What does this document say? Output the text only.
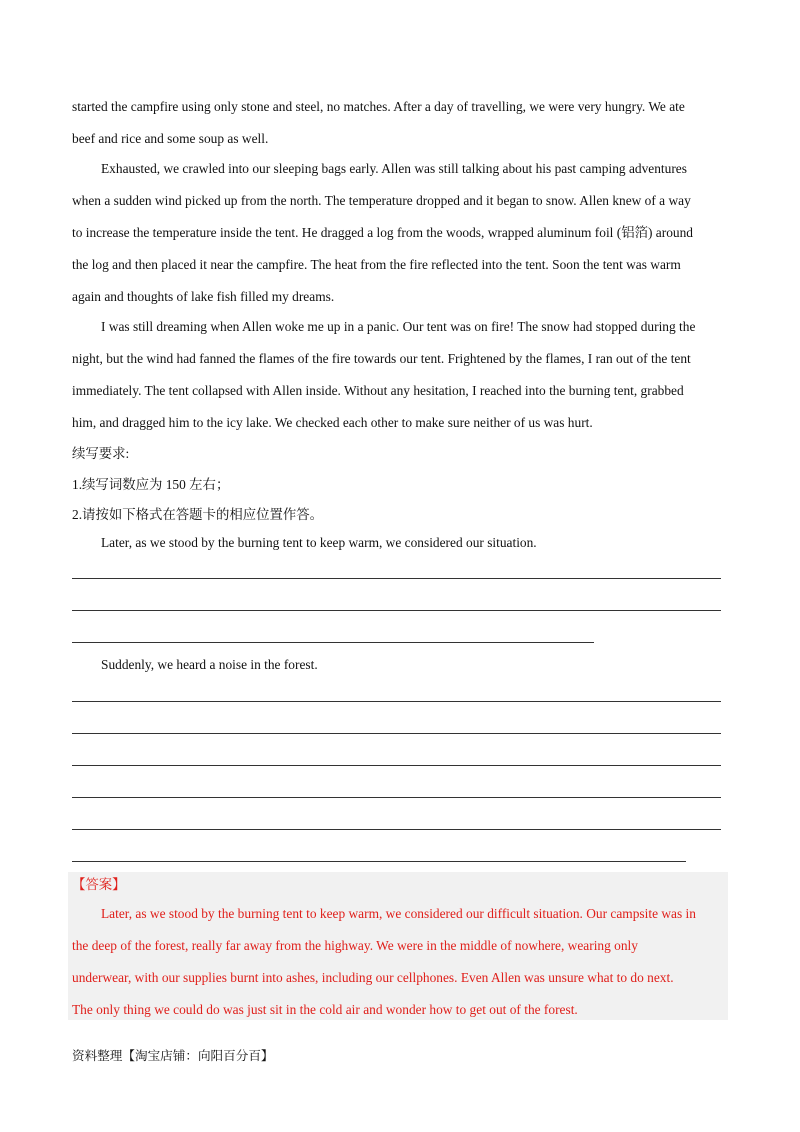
started the campfire using only stone and steel, no matches. After a day of travelling, we were very hungry. We ate
beef and rice and some soup as well.
Exhausted, we crawled into our sleeping bags early. Allen was still talking about his past camping adventures
when a sudden wind picked up from the north. The temperature dropped and it began to snow. Allen knew of a way
to increase the temperature inside the tent. He dragged a log from the woods, wrapped aluminum foil (铝箔) around
the log and then placed it near the campfire. The heat from the fire reflected into the tent. Soon the tent was warm
again and thoughts of lake fish filled my dreams.
I was still dreaming when Allen woke me up in a panic. Our tent was on fire! The snow had stopped during the
night, but the wind had fanned the flames of the fire towards our tent. Frightened by the flames, I ran out of the tent
immediately. The tent collapsed with Allen inside. Without any hesitation, I reached into the burning tent, grabbed
him, and dragged him to the icy lake. We checked each other to make sure neither of us was hurt.
续写要求:
1.续写词数应为 150 左右；
2.请按如下格式在答题卡的相应位置作答。
Later, as we stood by the burning tent to keep warm, we considered our situation.
Suddenly, we heard a noise in the forest.
【答案】
Later, as we stood by the burning tent to keep warm, we considered our difficult situation. Our campsite was in
the deep of the forest, really far away from the highway. We were in the middle of nowhere, wearing only
underwear, with our supplies burnt into ashes, including our cellphones. Even Allen was unsure what to do next.
The only thing we could do was just sit in the cold air and wonder how to get out of the forest.
资料整理【淘宝店铺：向阳百分百】
